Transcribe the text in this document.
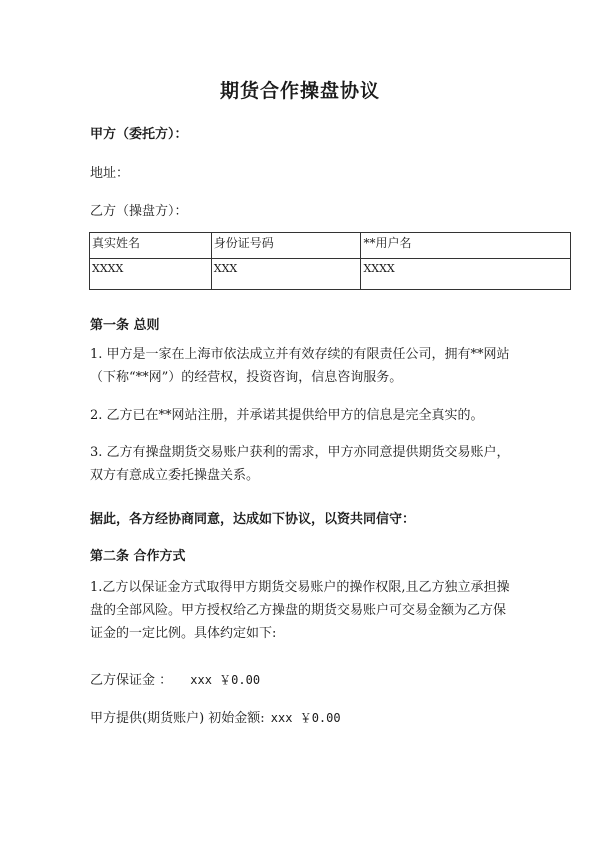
期货合作操盘协议
甲方（委托方）：
地址：
乙方（操盘方）：
真实姓名	身份证号码	**用户名
XXXX	XXX	XXXX
第一条 总则
1. 甲方是一家在上海市依法成立并有效存续的有限责任公司，拥有**网站（下称“**网”）的经营权，投资咨询，信息咨询服务。
2. 乙方已在**网站注册，并承诺其提供给甲方的信息是完全真实的。
3. 乙方有操盘期货交易账户获利的需求，甲方亦同意提供期货交易账户，双方有意成立委托操盘关系。
据此，各方经协商同意，达成如下协议，以资共同信守：
第二条 合作方式
1.乙方以保证金方式取得甲方期货交易账户的操作权限,且乙方独立承担操盘的全部风险。甲方授权给乙方操盘的期货交易账户可交易金额为乙方保证金的一定比例。具体约定如下:
乙方保证金 ： xxx ￥0.00
甲方提供(期货账户) 初始金额: xxx ￥0.00
